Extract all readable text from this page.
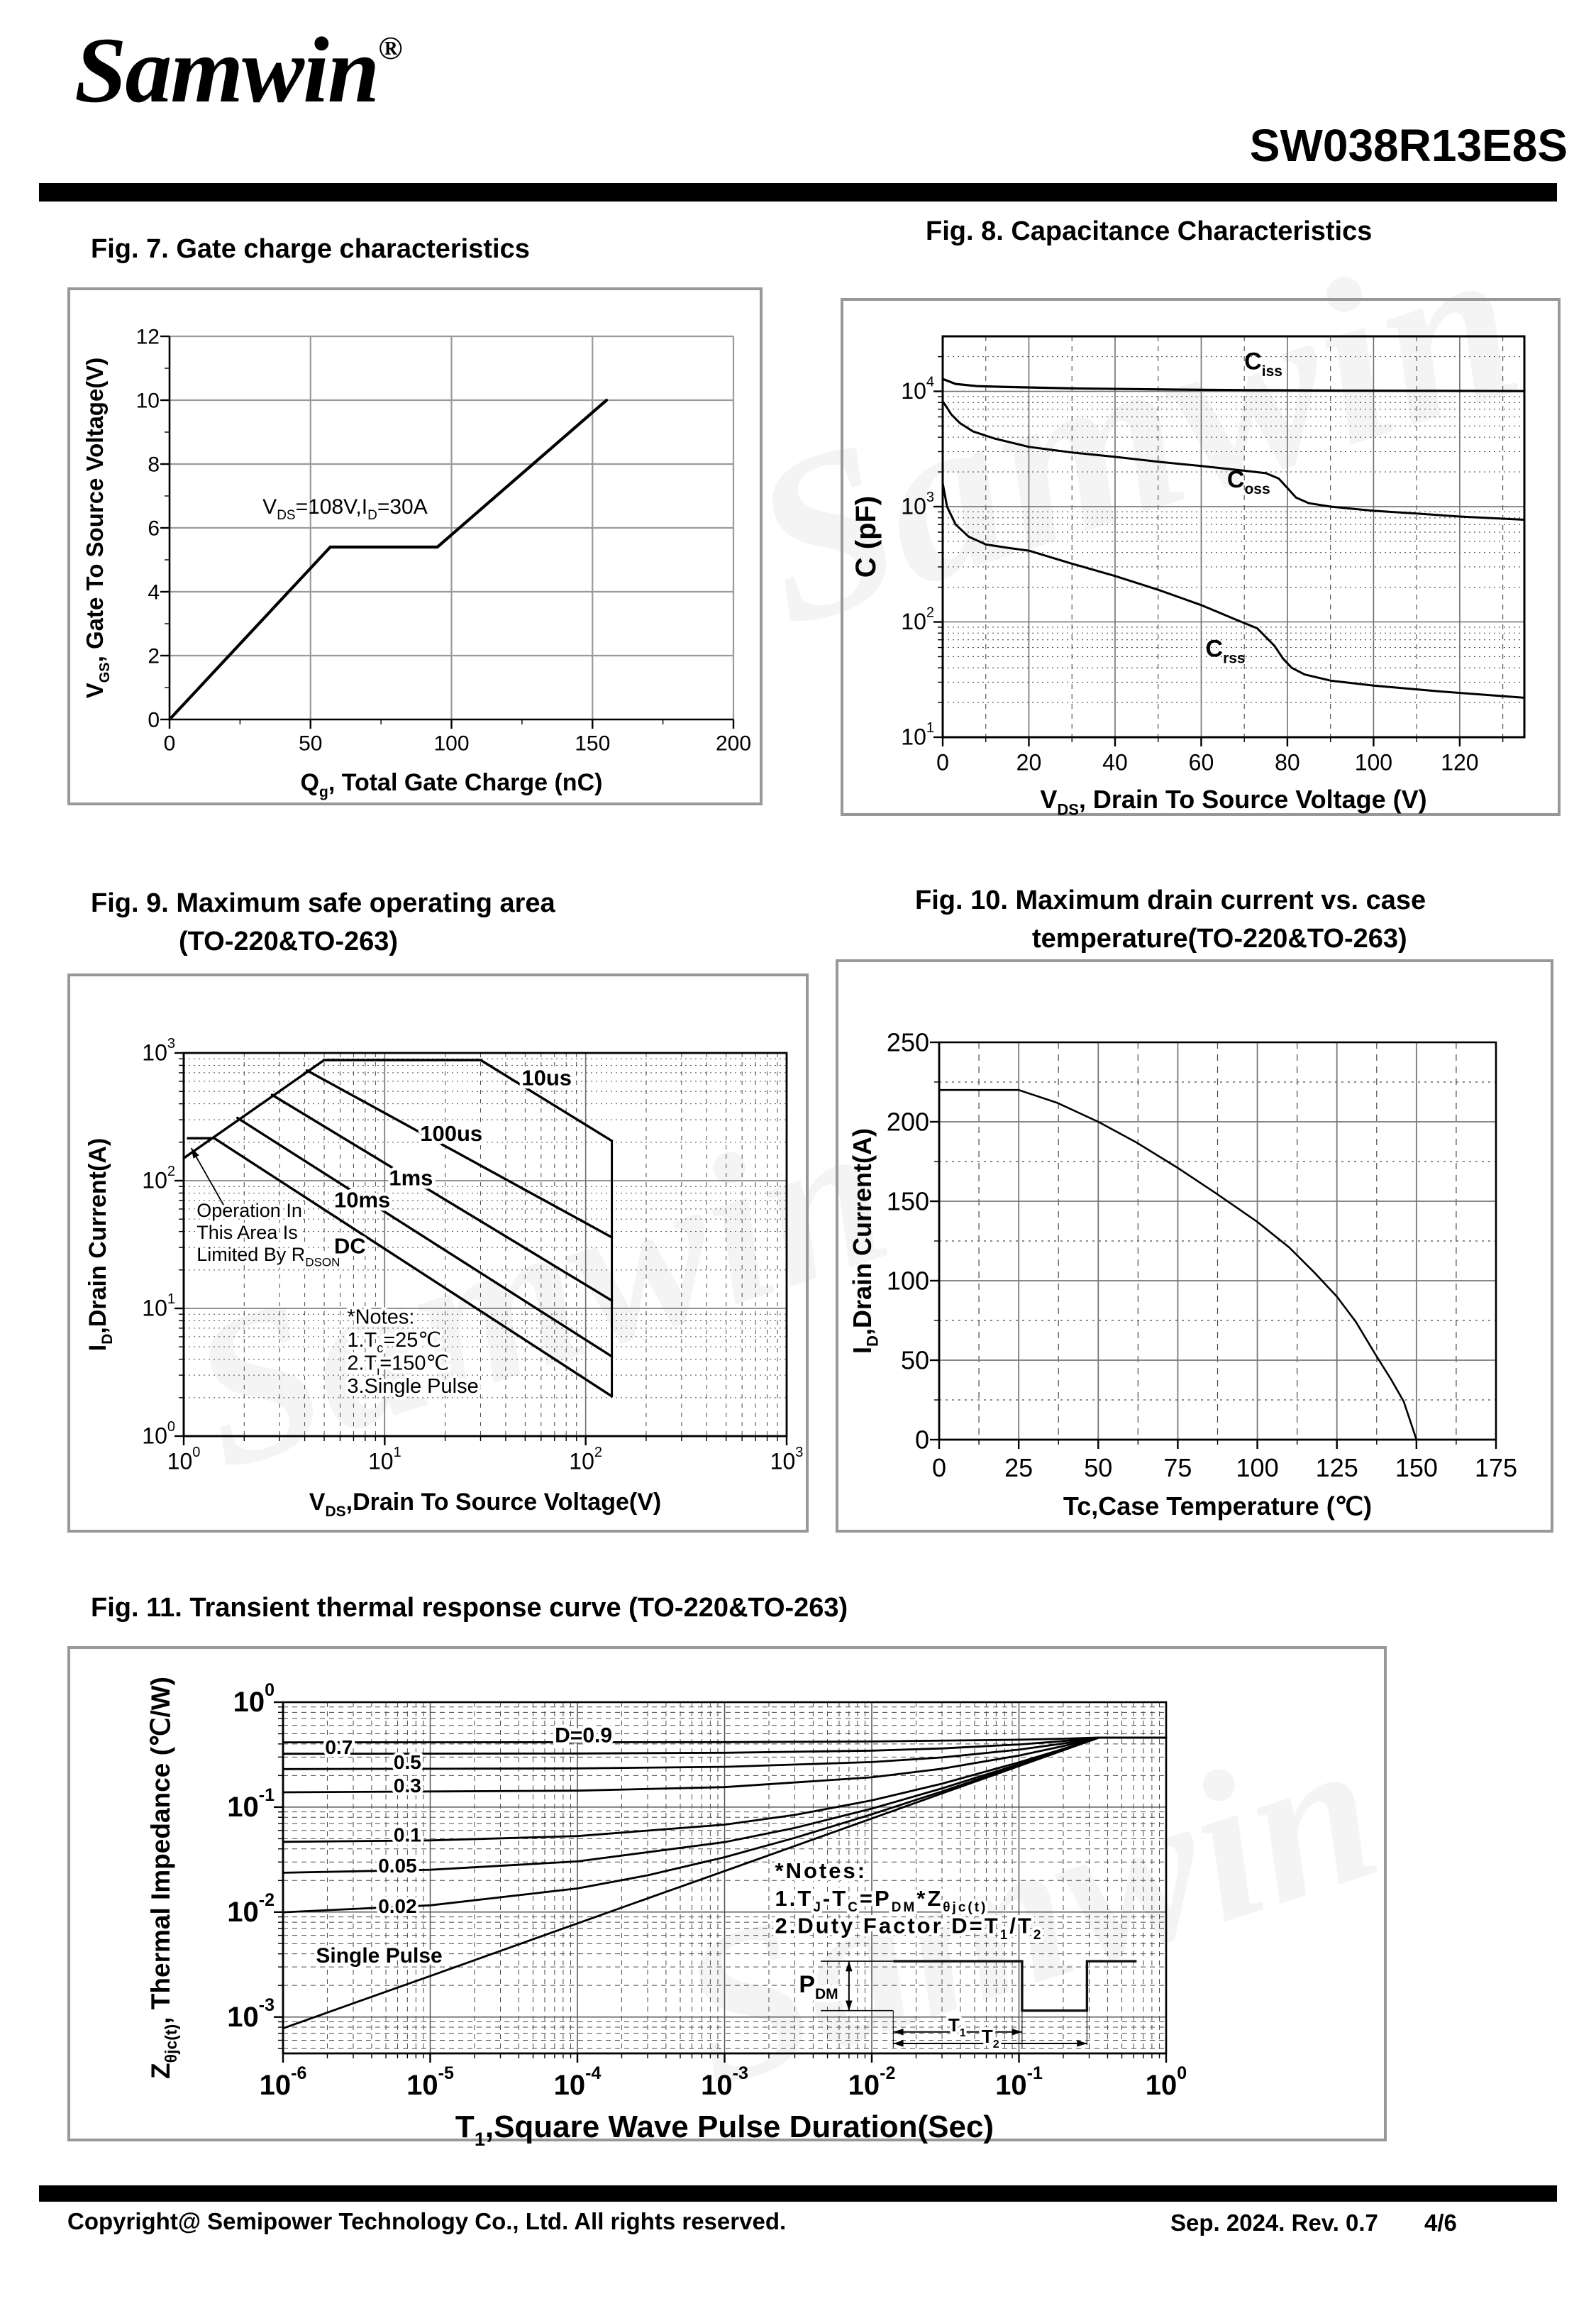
Samwin®
SW038R13E8S
Fig. 7. Gate charge characteristics
Fig. 8. Capacitance Characteristics
Fig. 9. Maximum safe operating area
(TO-220&TO-263)
Fig. 10. Maximum drain current vs. case
temperature(TO-220&TO-263)
Fig. 11. Transient thermal response curve (TO-220&TO-263)
0	50	100	150	200
0
2
4
6
8
10
12
$Q_g$, Total Gate Charge (nC)
$V_{GS}$, Gate To Source Voltage(V)	$V_{DS}=108V,I_D=30A$
0	20	40	60	80 100 120
$10^1$
$10^2$
$10^3$
$10^4$
$V_{DS}$, Drain To Source Voltage (V)
C (pF)
$C_{iss}$
$C_{oss}$
$C_{rss}$
$10^0$	$10^1$	$10^2$	$10^3$
$10^0$
$10^1$
$10^2$
$10^3$
$V_{DS},Drain$ To Source Voltage(V)
$I_D,Drain$ Current(A)
10us
100us
1ms
10ms
DC
Operation In
This Area Is
Limited By $R_{DSON}$
*Notes:
$1.T_c=25℃$
$2.T_j=150℃$
3.Single Pulse
0 25 50 75 100 125 150 175
0
50
100
150
200
250
Tc,Case Temperature (℃)
$I_D,Drain$ Current(A)
$10^{-6}$	$10^{-5}$	$10^{-4}$	$10^{-3}$	$10^{-2}$	$10^{-1}$	$10^0$
$10^{-3}$
$10^{-2}$
$10^{-1}$
$10^0$
$T_1,Square$ Wave Pulse Duration(Sec)
$Z_{\theta jc(t)}$, Thermal Impedance (℃/W)	D=0.9
0.7
0.5
0.3
0.1
0.05
0.02
Single Pulse
*Notes:
$1.T_J-T_C=P_{DM}*Z_{\theta jc(t)}$
2.Duty Factor $D=T_1/T_2$
$P_{DM}$
$T_1$ $T_2$
Copyright@ Semipower Technology Co., Ltd. All rights reserved.	Sep. 2024. Rev. 0.7 4/6
